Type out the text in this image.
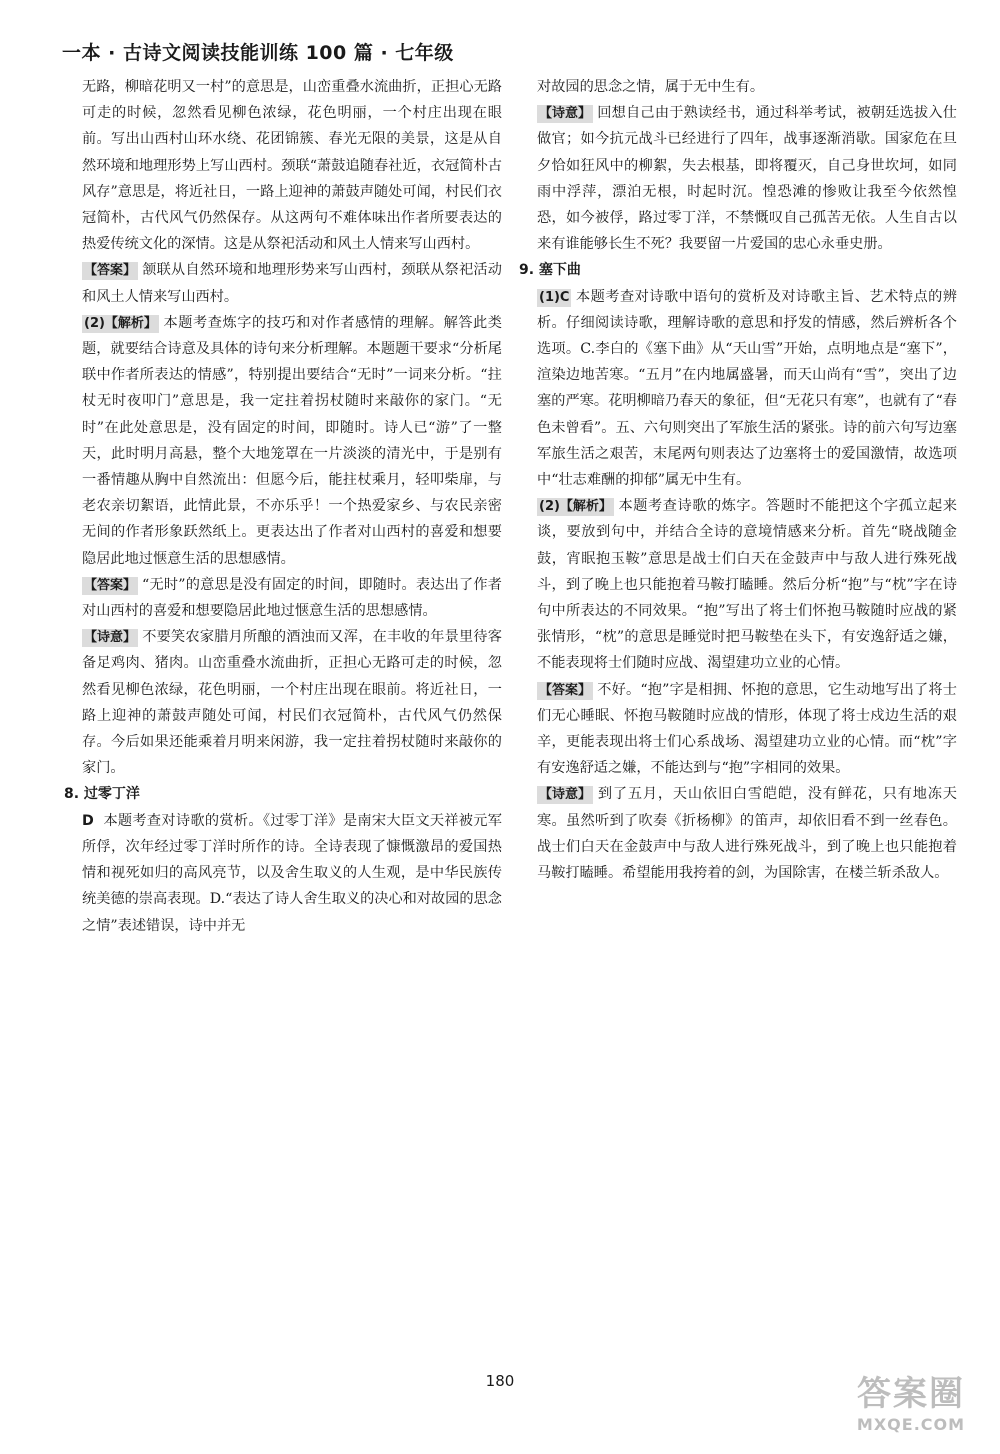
一本 · 古诗文阅读技能训练 100 篇 · 七年级

无路，柳暗花明又一村”的意思是，山峦重叠水流曲折，正担心无路可走的时候，忽然看见柳色浓绿，花色明丽，一个村庄出现在眼前。写出山西村山环水绕、花团锦簇、春光无限的美景，这是从自然环境和地理形势上写山西村。颈联“萧鼓追随春社近，衣冠简朴古风存”意思是，将近社日，一路上迎神的萧鼓声随处可闻，村民们衣冠简朴，古代风气仍然保存。从这两句不难体味出作者所要表达的热爱传统文化的深情。这是从祭祀活动和风土人情来写山西村。

【答案】 颔联从自然环境和地理形势来写山西村，颈联从祭祀活动和风土人情来写山西村。

(2)【解析】 本题考查炼字的技巧和对作者感情的理解。解答此类题，就要结合诗意及具体的诗句来分析理解。本题题干要求“分析尾联中作者所表达的情感”，特别提出要结合“无时”一词来分析。“拄杖无时夜叩门”意思是，我一定拄着拐杖随时来敲你的家门。“无时”在此处意思是，没有固定的时间，即随时。诗人已“游”了一整天，此时明月高悬，整个大地笼罩在一片淡淡的清光中，于是别有一番情趣从胸中自然流出：但愿今后，能拄杖乘月，轻叩柴扉，与老农亲切絮语，此情此景，不亦乐乎！一个热爱家乡、与农民亲密无间的作者形象跃然纸上。更表达出了作者对山西村的喜爱和想要隐居此地过惬意生活的思想感情。

【答案】 “无时”的意思是没有固定的时间，即随时。表达出了作者对山西村的喜爱和想要隐居此地过惬意生活的思想感情。

【诗意】 不要笑农家腊月所酿的酒浊而又浑，在丰收的年景里待客备足鸡肉、猪肉。山峦重叠水流曲折，正担心无路可走的时候，忽然看见柳色浓绿，花色明丽，一个村庄出现在眼前。将近社日，一路上迎神的萧鼓声随处可闻，村民们衣冠简朴，古代风气仍然保存。今后如果还能乘着月明来闲游，我一定拄着拐杖随时来敲你的家门。

8. 过零丁洋

D 本题考查对诗歌的赏析。《过零丁洋》是南宋大臣文天祥被元军所俘，次年经过零丁洋时所作的诗。全诗表现了慷慨激昂的爱国热情和视死如归的高风亮节，以及舍生取义的人生观，是中华民族传统美德的崇高表现。D.“表达了诗人舍生取义的决心和对故园的思念之情”表述错误，诗中并无

对故园的思念之情，属于无中生有。

【诗意】 回想自己由于熟读经书，通过科举考试，被朝廷选拔入仕做官；如今抗元战斗已经进行了四年，战事逐渐消歇。国家危在旦夕恰如狂风中的柳絮，失去根基，即将覆灭，自己身世坎坷，如同雨中浮萍，漂泊无根，时起时沉。惶恐滩的惨败让我至今依然惶恐，如今被俘，路过零丁洋，不禁慨叹自己孤苦无依。人生自古以来有谁能够长生不死？我要留一片爱国的忠心永垂史册。

9. 塞下曲

(1)C 本题考查对诗歌中语句的赏析及对诗歌主旨、艺术特点的辨析。仔细阅读诗歌，理解诗歌的意思和抒发的情感，然后辨析各个选项。C.李白的《塞下曲》从“天山雪”开始，点明地点是“塞下”，渲染边地苦寒。“五月”在内地属盛暑，而天山尚有“雪”，突出了边塞的严寒。花明柳暗乃春天的象征，但“无花只有寒”，也就有了“春色未曾看”。五、六句则突出了军旅生活的紧张。诗的前六句写边塞军旅生活之艰苦，末尾两句则表达了边塞将士的爱国激情，故选项中“壮志难酬的抑郁”属无中生有。

(2)【解析】 本题考查诗歌的炼字。答题时不能把这个字孤立起来谈，要放到句中，并结合全诗的意境情感来分析。首先“晓战随金鼓，宵眠抱玉鞍”意思是战士们白天在金鼓声中与敌人进行殊死战斗，到了晚上也只能抱着马鞍打瞌睡。然后分析“抱”与“枕”字在诗句中所表达的不同效果。“抱”写出了将士们怀抱马鞍随时应战的紧张情形，“枕”的意思是睡觉时把马鞍垫在头下，有安逸舒适之嫌，不能表现将士们随时应战、渴望建功立业的心情。

【答案】 不好。“抱”字是相拥、怀抱的意思，它生动地写出了将士们无心睡眠、怀抱马鞍随时应战的情形，体现了将士戍边生活的艰辛，更能表现出将士们心系战场、渴望建功立业的心情。而“枕”字有安逸舒适之嫌，不能达到与“抱”字相同的效果。

【诗意】 到了五月，天山依旧白雪皑皑，没有鲜花，只有地冻天寒。虽然听到了吹奏《折杨柳》的笛声，却依旧看不到一丝春色。战士们白天在金鼓声中与敌人进行殊死战斗，到了晚上也只能抱着马鞍打瞌睡。希望能用我挎着的剑，为国除害，在楼兰斩杀敌人。

180	答案圈
MXQE.COM
